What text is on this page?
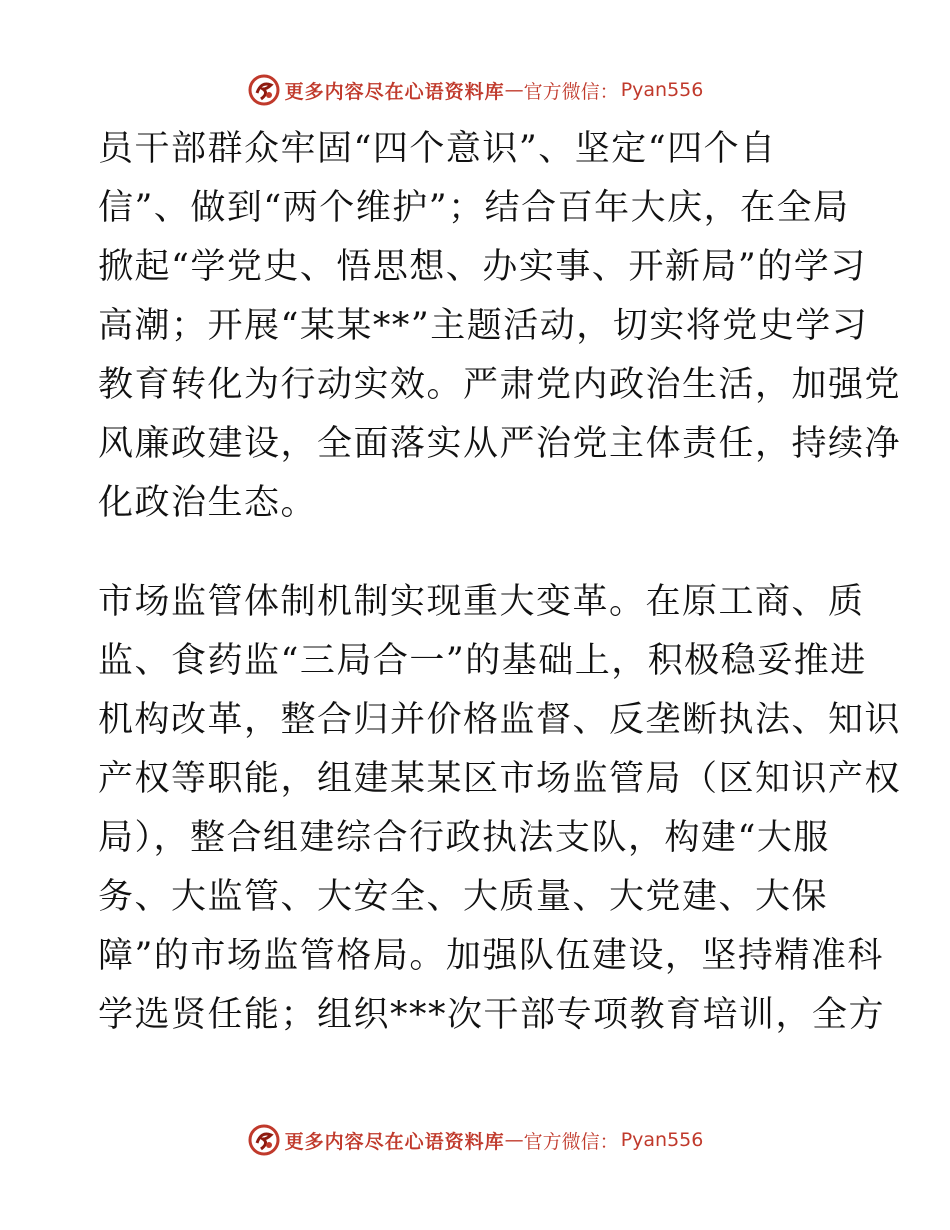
更多内容尽在心语资料库 — 官方微信： Pyan556
员干部群众牢固“四个意识”、坚定“四个自
信”、做到“两个维护”；结合百年大庆，在全局
掀起“学党史、悟思想、办实事、开新局”的学习
高潮；开展“某某**”主题活动，切实将党史学习
教育转化为行动实效。严肃党内政治生活，加强党
风廉政建设，全面落实从严治党主体责任，持续净
化政治生态。
市场监管体制机制实现重大变革。在原工商、质
监、食药监“三局合一”的基础上，积极稳妥推进
机构改革，整合归并价格监督、反垄断执法、知识
产权等职能，组建某某区市场监管局（区知识产权
局），整合组建综合行政执法支队，构建“大服
务、大监管、大安全、大质量、大党建、大保
障”的市场监管格局。加强队伍建设，坚持精准科
学选贤任能；组织***次干部专项教育培训，全方
更多内容尽在心语资料库 — 官方微信： Pyan556
